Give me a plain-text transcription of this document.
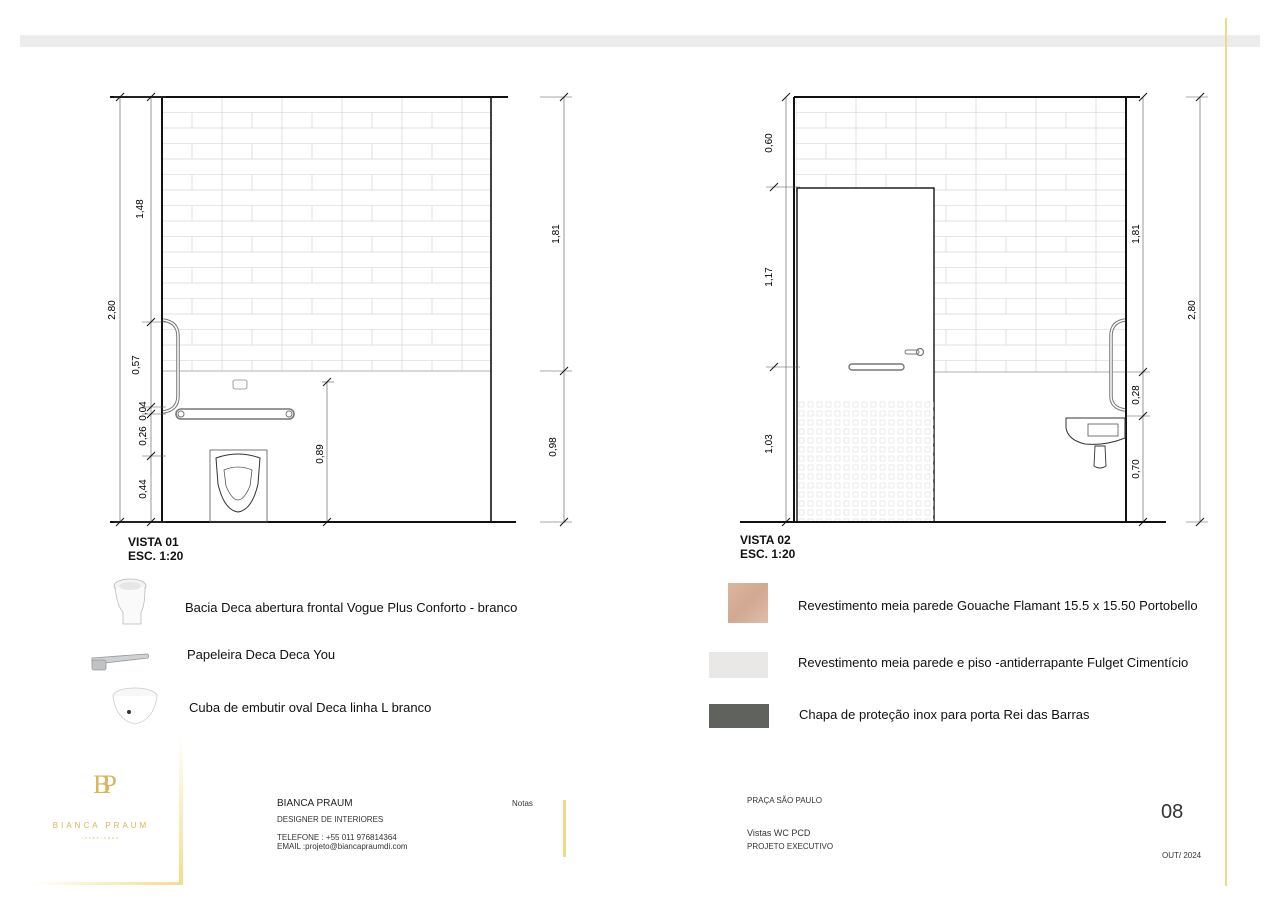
2,80
1,48
0,57
0,04
0,26
0,44
0,89
1,81
0,98
VISTA 01
ESC. 1:20
0,60
1,17
1,03
1,81
2,80
0,28
0,70
VISTA 02
ESC. 1:20
Bacia Deca abertura frontal Vogue Plus Conforto - branco
Papeleira Deca Deca You
Cuba de embutir oval Deca linha L branco
Revestimento meia parede Gouache Flamant 15.5 x 15.50 Portobello
Revestimento meia parede e piso -antiderrapante Fulget Cimentício
Chapa de proteção inox para porta Rei das Barras
BP
BIANCA PRAUM
INTERIORES
BIANCA PRAUM
DESIGNER DE INTERIORES
TELEFONE : +55 011 976814364
EMAIL :projeto@biancapraumdi.com
Notas	PRAÇA SÃO PAULO
Vistas WC PCD
PROJETO EXECUTIVO
08
OUT/ 2024
